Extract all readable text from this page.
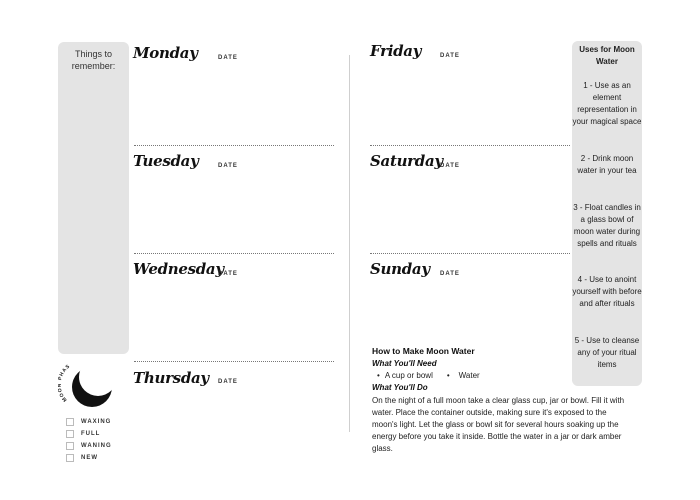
Things to remember:
Monday	DATE
Tuesday	DATE
Wednesday
DATE
Thursday DATE
Friday	DATE
Saturday
DATE
Sunday DATE
Uses for Moon Water
1 - Use as an element representation in your magical space
2 - Drink moon water in your tea
3 - Float candles in a glass bowl of moon water during spells and rituals
4 - Use to anoint yourself with before and after rituals
5 - Use to cleanse any of your ritual items
MO HAS
WAXING
FULL
WANING
NEW
How to Make Moon Water
What You'll Need
• A cup or bowl • Water
What You'll Do
On the night of a full moon take a clear glass cup, jar or bowl. Fill it with water. Place the container outside, making sure it's exposed to the moon's light. Let the glass or bowl sit for several hours soaking up the energy before you take it inside. Bottle the water in a jar or dark amber glass.
